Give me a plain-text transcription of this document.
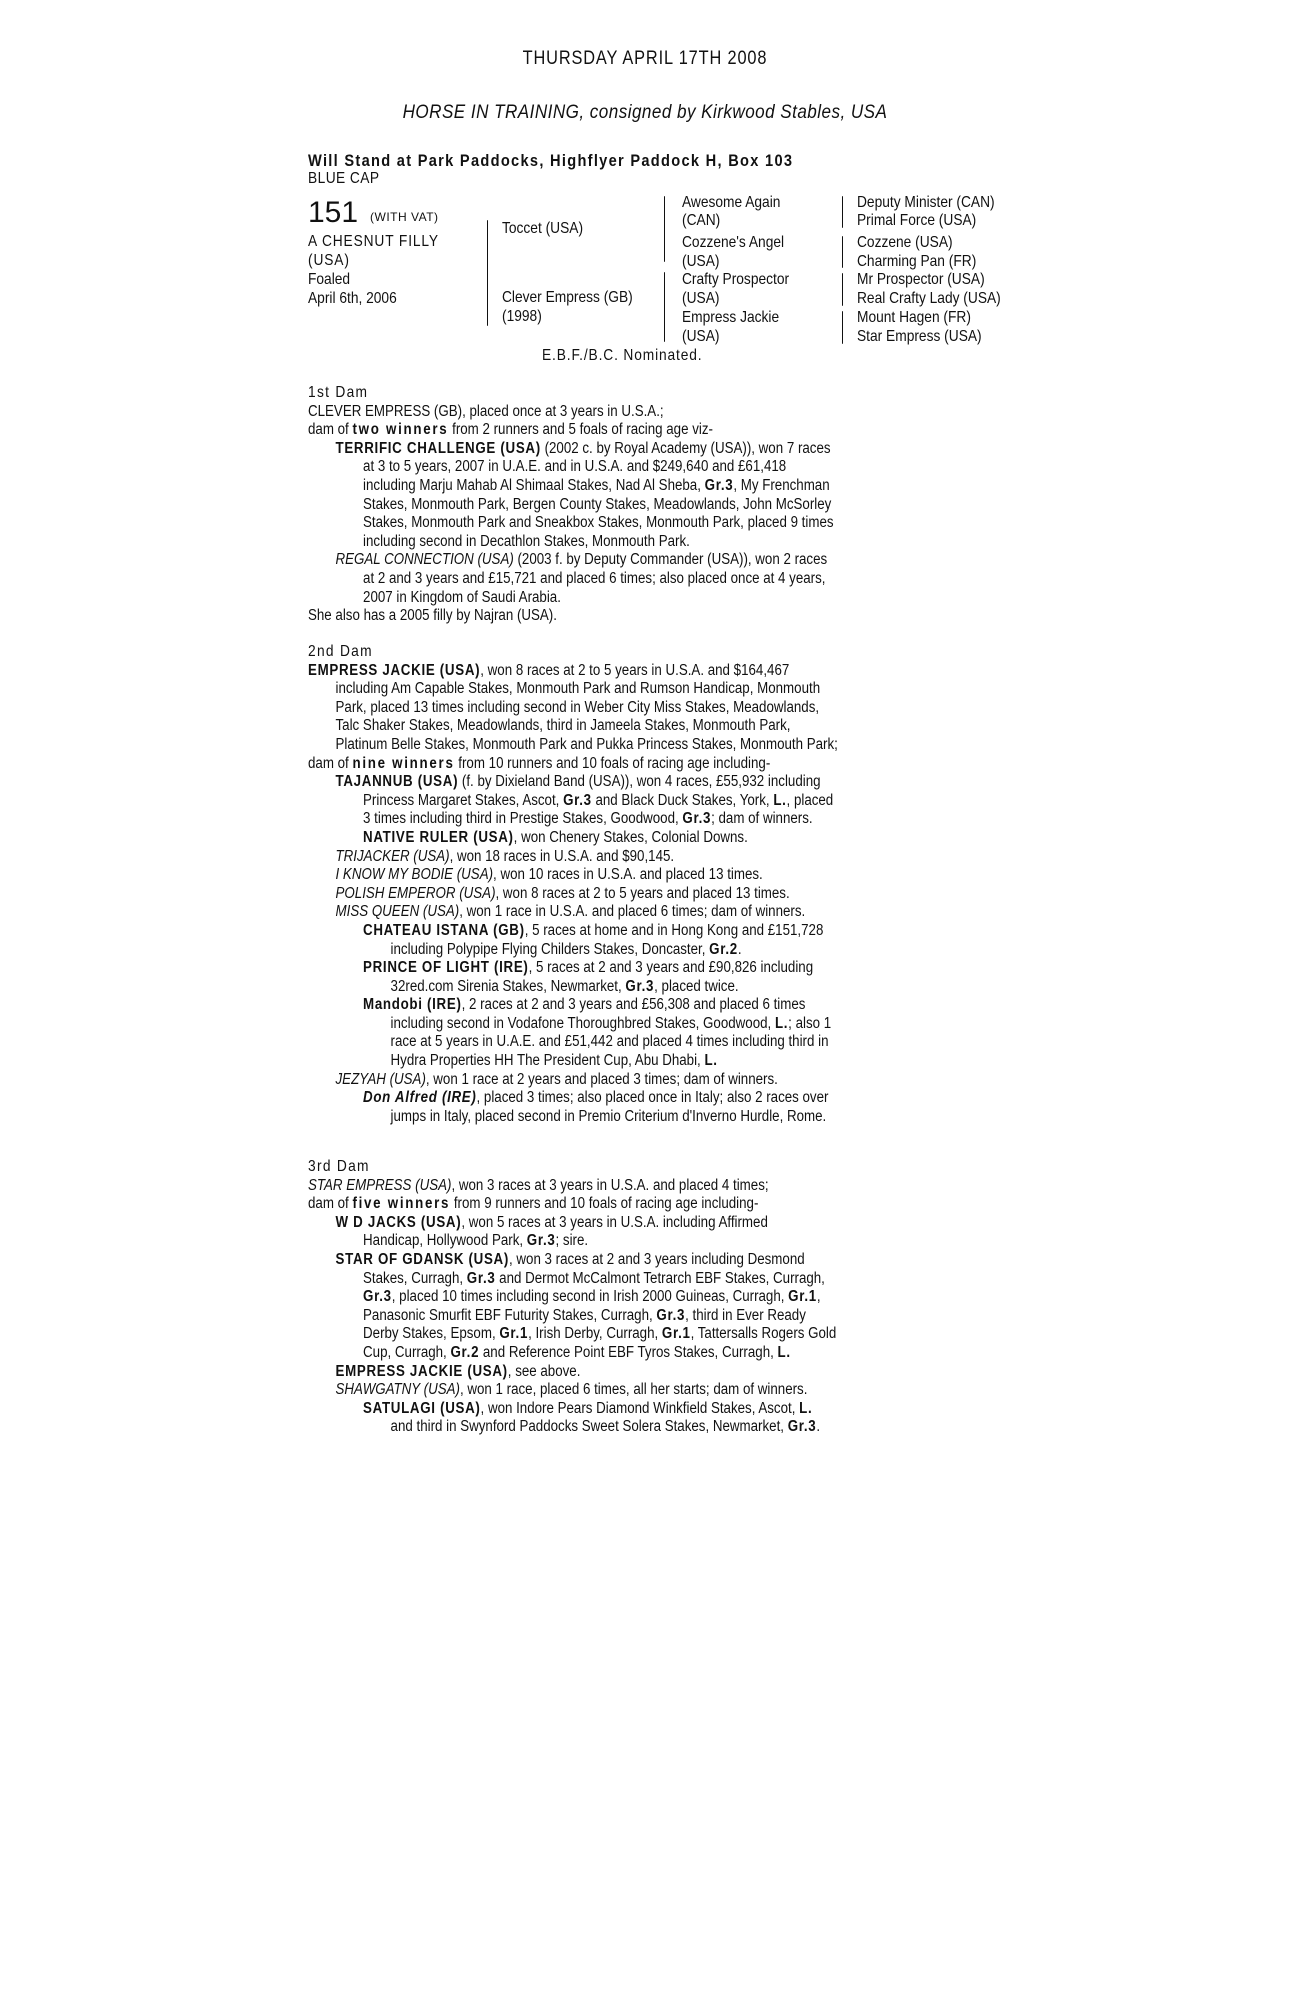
THURSDAY APRIL 17TH 2008
HORSE IN TRAINING, consigned by Kirkwood Stables, USA
Will Stand at Park Paddocks, Highflyer Paddock H, Box 103
BLUE CAP
151 (WITH VAT)
A CHESNUT FILLY
(USA)
Foaled
April 6th, 2006
Toccet (USA)
Clever Empress (GB)
(1998)
Awesome Again
(CAN)
Cozzene's Angel
(USA)
Crafty Prospector
(USA)
Empress Jackie
(USA)
Deputy Minister (CAN)
Primal Force (USA)
Cozzene (USA)
Charming Pan (FR)
Mr Prospector (USA)
Real Crafty Lady (USA)
Mount Hagen (FR)
Star Empress (USA)
E.B.F./B.C. Nominated.
1st Dam
CLEVER EMPRESS (GB), placed once at 3 years in U.S.A.;
dam of two winners from 2 runners and 5 foals of racing age viz-
TERRIFIC CHALLENGE (USA) (2002 c. by Royal Academy (USA)), won 7 races
at 3 to 5 years, 2007 in U.A.E. and in U.S.A. and $249,640 and £61,418
including Marju Mahab Al Shimaal Stakes, Nad Al Sheba, Gr.3, My Frenchman
Stakes, Monmouth Park, Bergen County Stakes, Meadowlands, John McSorley
Stakes, Monmouth Park and Sneakbox Stakes, Monmouth Park, placed 9 times
including second in Decathlon Stakes, Monmouth Park.
REGAL CONNECTION (USA) (2003 f. by Deputy Commander (USA)), won 2 races
at 2 and 3 years and £15,721 and placed 6 times; also placed once at 4 years,
2007 in Kingdom of Saudi Arabia.
She also has a 2005 filly by Najran (USA).
2nd Dam
EMPRESS JACKIE (USA), won 8 races at 2 to 5 years in U.S.A. and $164,467
including Am Capable Stakes, Monmouth Park and Rumson Handicap, Monmouth
Park, placed 13 times including second in Weber City Miss Stakes, Meadowlands,
Talc Shaker Stakes, Meadowlands, third in Jameela Stakes, Monmouth Park,
Platinum Belle Stakes, Monmouth Park and Pukka Princess Stakes, Monmouth Park;
dam of nine winners from 10 runners and 10 foals of racing age including-
TAJANNUB (USA) (f. by Dixieland Band (USA)), won 4 races, £55,932 including
Princess Margaret Stakes, Ascot, Gr.3 and Black Duck Stakes, York, L., placed
3 times including third in Prestige Stakes, Goodwood, Gr.3; dam of winners.
NATIVE RULER (USA), won Chenery Stakes, Colonial Downs.
TRIJACKER (USA), won 18 races in U.S.A. and $90,145.
I KNOW MY BODIE (USA), won 10 races in U.S.A. and placed 13 times.
POLISH EMPEROR (USA), won 8 races at 2 to 5 years and placed 13 times.
MISS QUEEN (USA), won 1 race in U.S.A. and placed 6 times; dam of winners.
CHATEAU ISTANA (GB), 5 races at home and in Hong Kong and £151,728
including Polypipe Flying Childers Stakes, Doncaster, Gr.2.
PRINCE OF LIGHT (IRE), 5 races at 2 and 3 years and £90,826 including
32red.com Sirenia Stakes, Newmarket, Gr.3, placed twice.
Mandobi (IRE), 2 races at 2 and 3 years and £56,308 and placed 6 times
including second in Vodafone Thoroughbred Stakes, Goodwood, L.; also 1
race at 5 years in U.A.E. and £51,442 and placed 4 times including third in
Hydra Properties HH The President Cup, Abu Dhabi, L.
JEZYAH (USA), won 1 race at 2 years and placed 3 times; dam of winners.
Don Alfred (IRE), placed 3 times; also placed once in Italy; also 2 races over
jumps in Italy, placed second in Premio Criterium d'Inverno Hurdle, Rome.
3rd Dam
STAR EMPRESS (USA), won 3 races at 3 years in U.S.A. and placed 4 times;
dam of five winners from 9 runners and 10 foals of racing age including-
W D JACKS (USA), won 5 races at 3 years in U.S.A. including Affirmed
Handicap, Hollywood Park, Gr.3; sire.
STAR OF GDANSK (USA), won 3 races at 2 and 3 years including Desmond
Stakes, Curragh, Gr.3 and Dermot McCalmont Tetrarch EBF Stakes, Curragh,
Gr.3, placed 10 times including second in Irish 2000 Guineas, Curragh, Gr.1,
Panasonic Smurfit EBF Futurity Stakes, Curragh, Gr.3, third in Ever Ready
Derby Stakes, Epsom, Gr.1, Irish Derby, Curragh, Gr.1, Tattersalls Rogers Gold
Cup, Curragh, Gr.2 and Reference Point EBF Tyros Stakes, Curragh, L.
EMPRESS JACKIE (USA), see above.
SHAWGATNY (USA), won 1 race, placed 6 times, all her starts; dam of winners.
SATULAGI (USA), won Indore Pears Diamond Winkfield Stakes, Ascot, L.
and third in Swynford Paddocks Sweet Solera Stakes, Newmarket, Gr.3.
